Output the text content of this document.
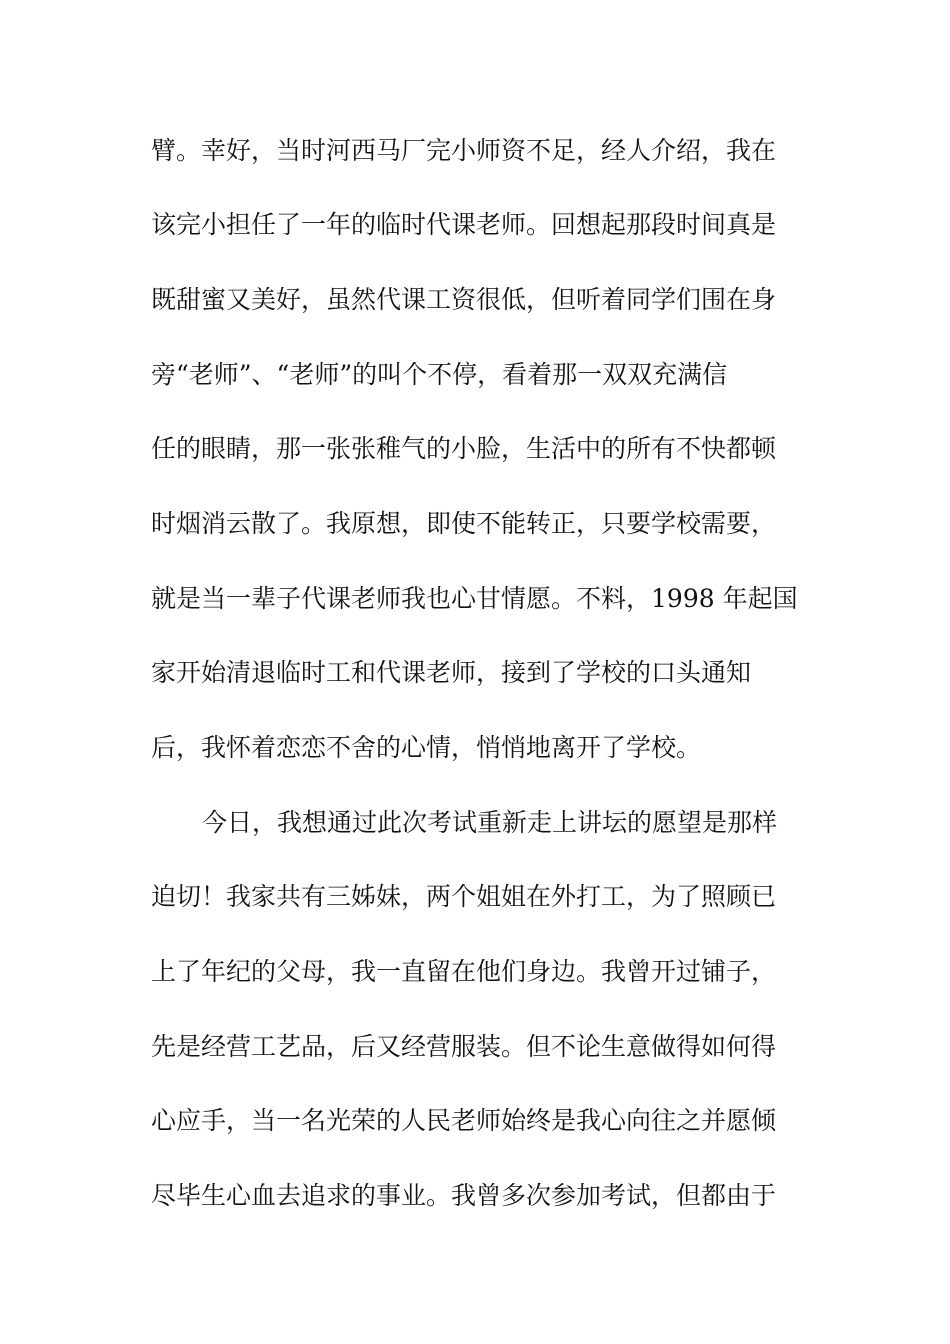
臂。幸好，当时河西马厂完小师资不足，经人介绍，我在
该完小担任了一年的临时代课老师。回想起那段时间真是
既甜蜜又美好，虽然代课工资很低，但听着同学们围在身
旁“老师”、“老师”的叫个不停，看着那一双双充满信
任的眼睛，那一张张稚气的小脸，生活中的所有不快都顿
时烟消云散了。我原想，即使不能转正，只要学校需要，
就是当一辈子代课老师我也心甘情愿。不料，1998 年起国
家开始清退临时工和代课老师，接到了学校的口头通知
后，我怀着恋恋不舍的心情，悄悄地离开了学校。
今日，我想通过此次考试重新走上讲坛的愿望是那样
迫切！我家共有三姊妹，两个姐姐在外打工，为了照顾已
上了年纪的父母，我一直留在他们身边。我曾开过铺子，
先是经营工艺品，后又经营服装。但不论生意做得如何得
心应手，当一名光荣的人民老师始终是我心向往之并愿倾
尽毕生心血去追求的事业。我曾多次参加考试，但都由于
